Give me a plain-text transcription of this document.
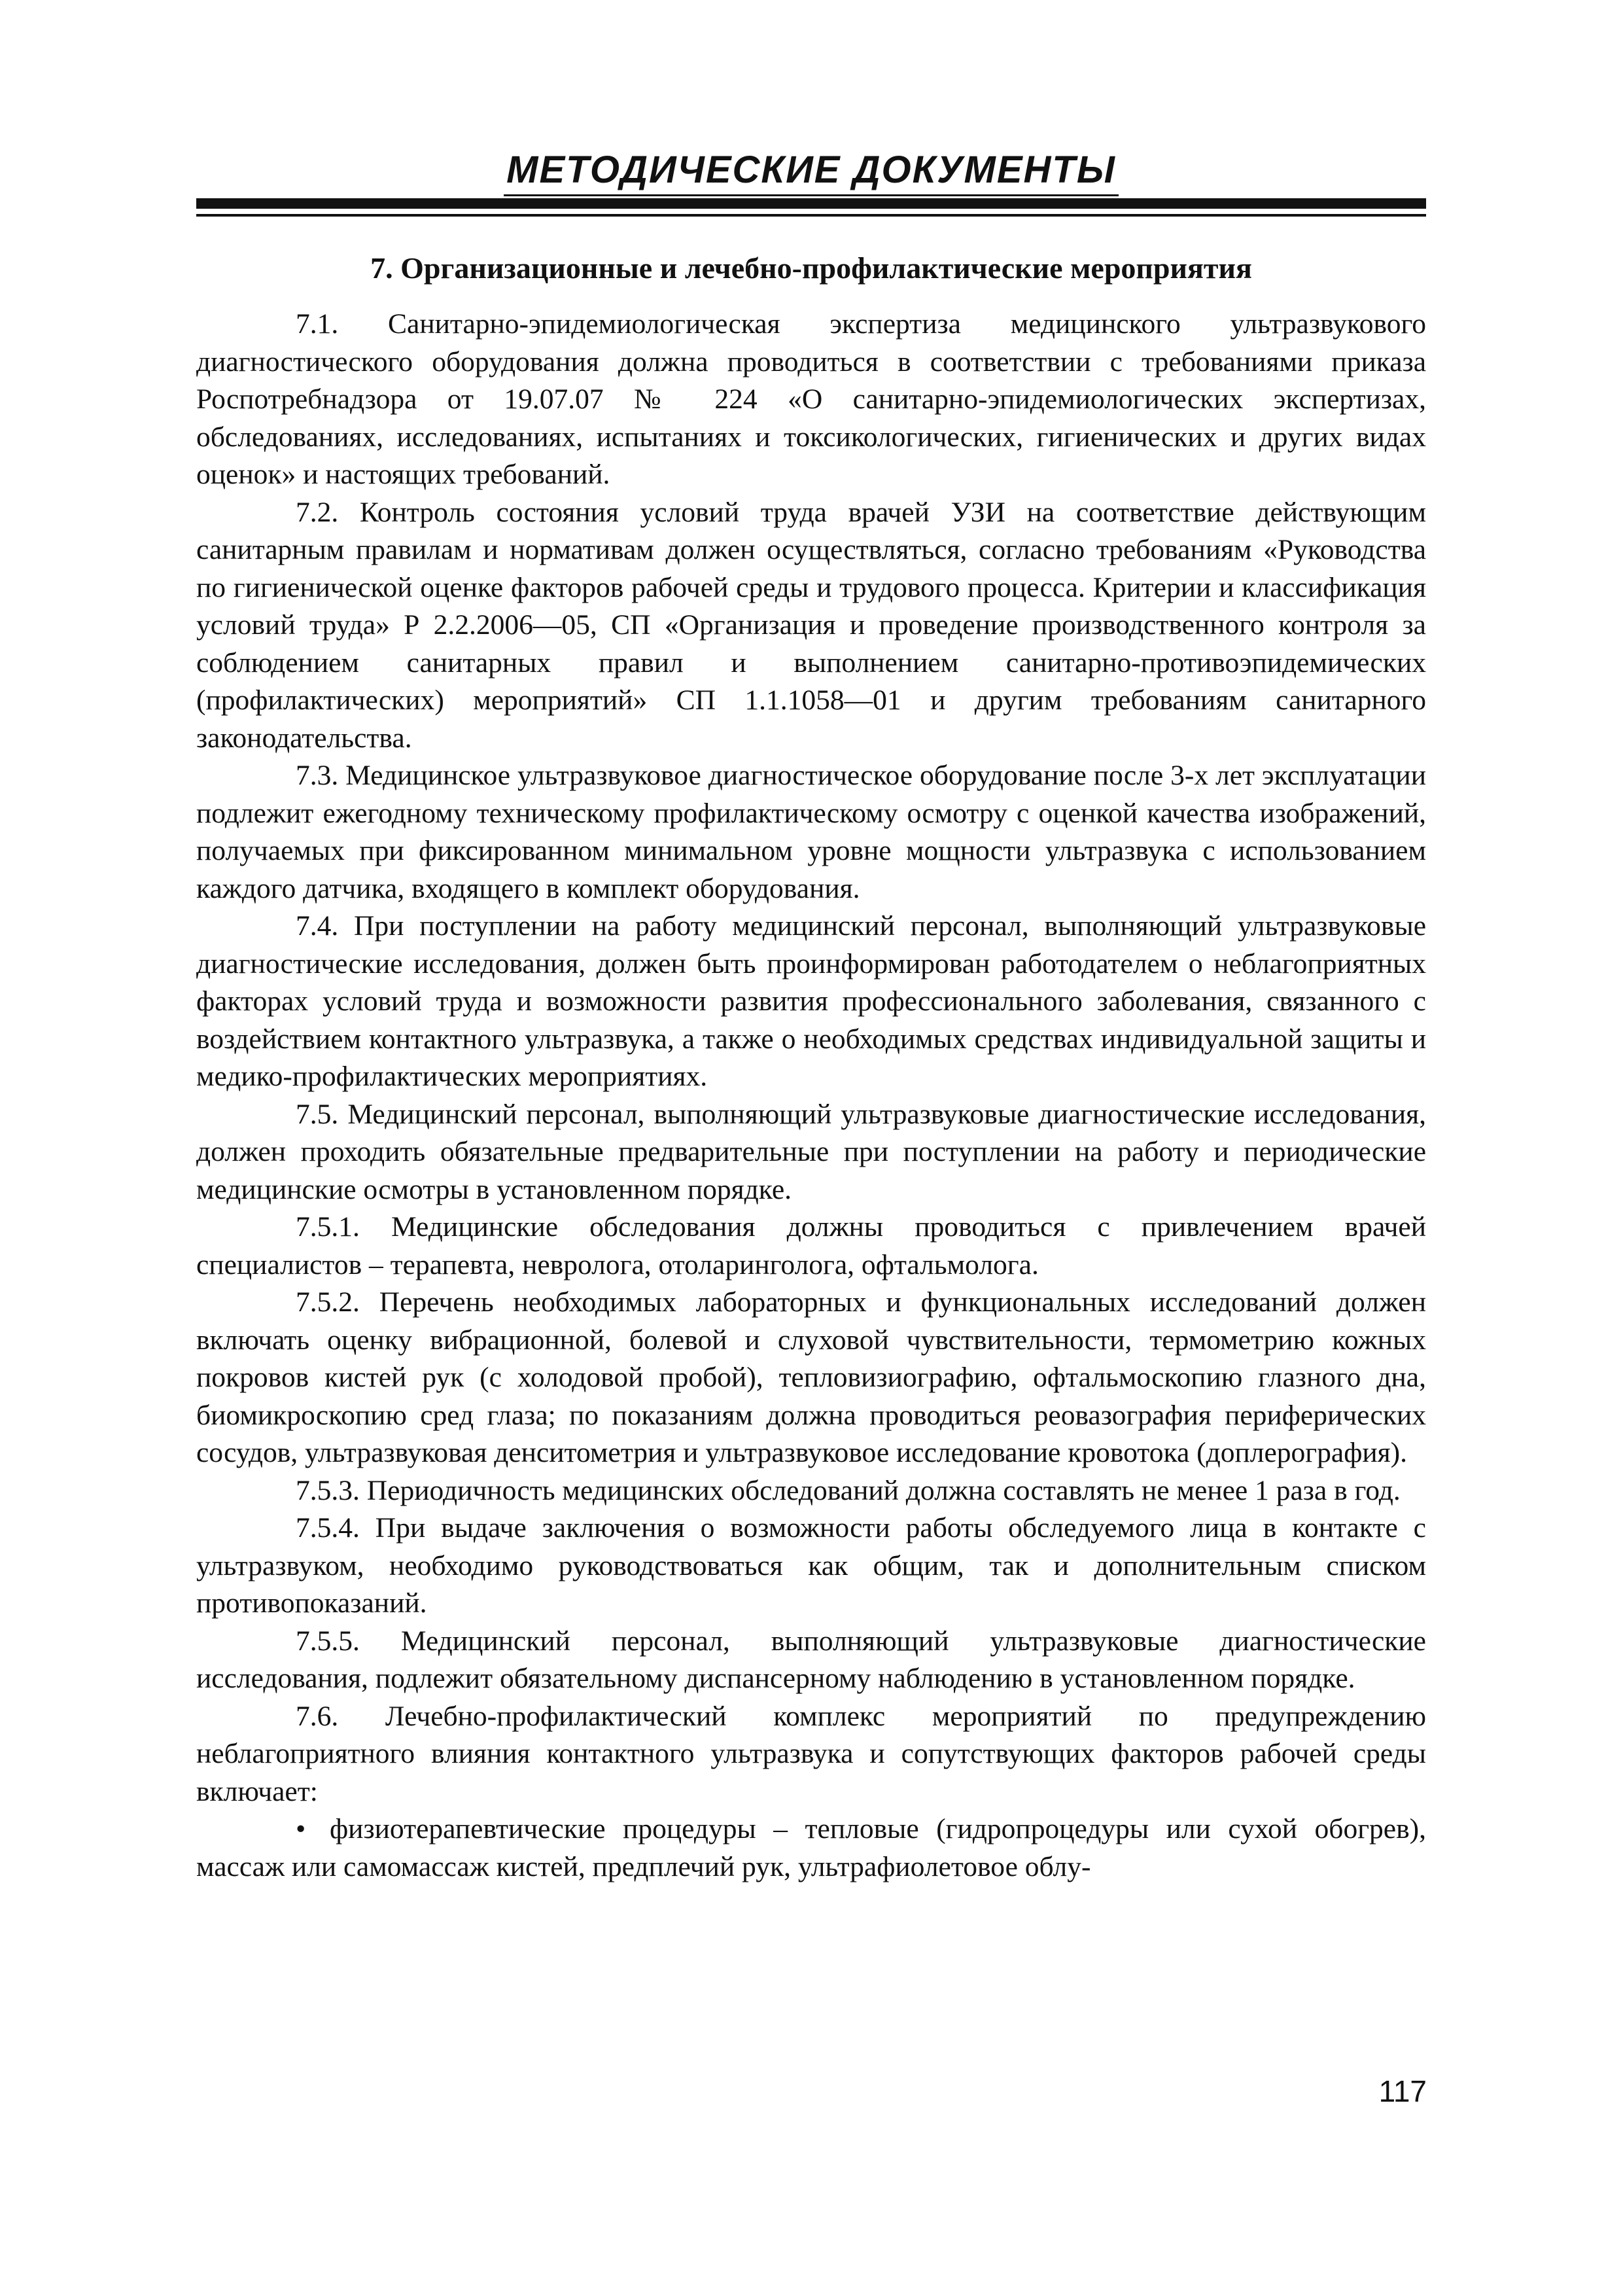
МЕТОДИЧЕСКИЕ ДОКУМЕНТЫ
7. Организационные и лечебно-профилактические мероприятия

7.1. Санитарно-эпидемиологическая экспертиза медицинского ультразвукового диагностического оборудования должна проводиться в соответствии с требованиями приказа Роспотребнадзора от 19.07.07 № 224 «О санитарно-эпидемиологических экспертизах, обследованиях, исследованиях, испытаниях и токсикологических, гигиенических и других видах оценок» и настоящих требований.

7.2. Контроль состояния условий труда врачей УЗИ на соответствие действующим санитарным правилам и нормативам должен осуществляться, согласно требованиям «Руководства по гигиенической оценке факторов рабочей среды и трудового процесса. Критерии и классификация условий труда» Р 2.2.2006—05, СП «Организация и проведение производственного контроля за соблюдением санитарных правил и выполнением санитарно-противоэпидемических (профилактических) мероприятий» СП 1.1.1058—01 и другим требованиям санитарного законодательства.

7.3. Медицинское ультразвуковое диагностическое оборудование после 3-х лет эксплуатации подлежит ежегодному техническому профилактическому осмотру с оценкой качества изображений, получаемых при фиксированном минимальном уровне мощности ультразвука с использованием каждого датчика, входящего в комплект оборудования.

7.4. При поступлении на работу медицинский персонал, выполняющий ультразвуковые диагностические исследования, должен быть проинформирован работодателем о неблагоприятных факторах условий труда и возможности развития профессионального заболевания, связанного с воздействием контактного ультразвука, а также о необходимых средствах индивидуальной защиты и медико-профилактических мероприятиях.

7.5. Медицинский персонал, выполняющий ультразвуковые диагностические исследования, должен проходить обязательные предварительные при поступлении на работу и периодические медицинские осмотры в установленном порядке.

7.5.1. Медицинские обследования должны проводиться с привлечением врачей специалистов – терапевта, невролога, отоларинголога, офтальмолога.

7.5.2. Перечень необходимых лабораторных и функциональных исследований должен включать оценку вибрационной, болевой и слуховой чувствительности, термометрию кожных покровов кистей рук (с холодовой пробой), тепловизиографию, офтальмоскопию глазного дна, биомикроскопию сред глаза; по показаниям должна проводиться реовазография периферических сосудов, ультразвуковая денситометрия и ультразвуковое исследование кровотока (доплерография).

7.5.3. Периодичность медицинских обследований должна составлять не менее 1 раза в год.

7.5.4. При выдаче заключения о возможности работы обследуемого лица в контакте с ультразвуком, необходимо руководствоваться как общим, так и дополнительным списком противопоказаний.

7.5.5. Медицинский персонал, выполняющий ультразвуковые диагностические исследования, подлежит обязательному диспансерному наблюдению в установленном порядке.

7.6. Лечебно-профилактический комплекс мероприятий по предупреждению неблагоприятного влияния контактного ультразвука и сопутствующих факторов рабочей среды включает:

• физиотерапевтические процедуры – тепловые (гидропроцедуры или сухой обогрев), массаж или самомассаж кистей, предплечий рук, ультрафиолетовое облу-

117
